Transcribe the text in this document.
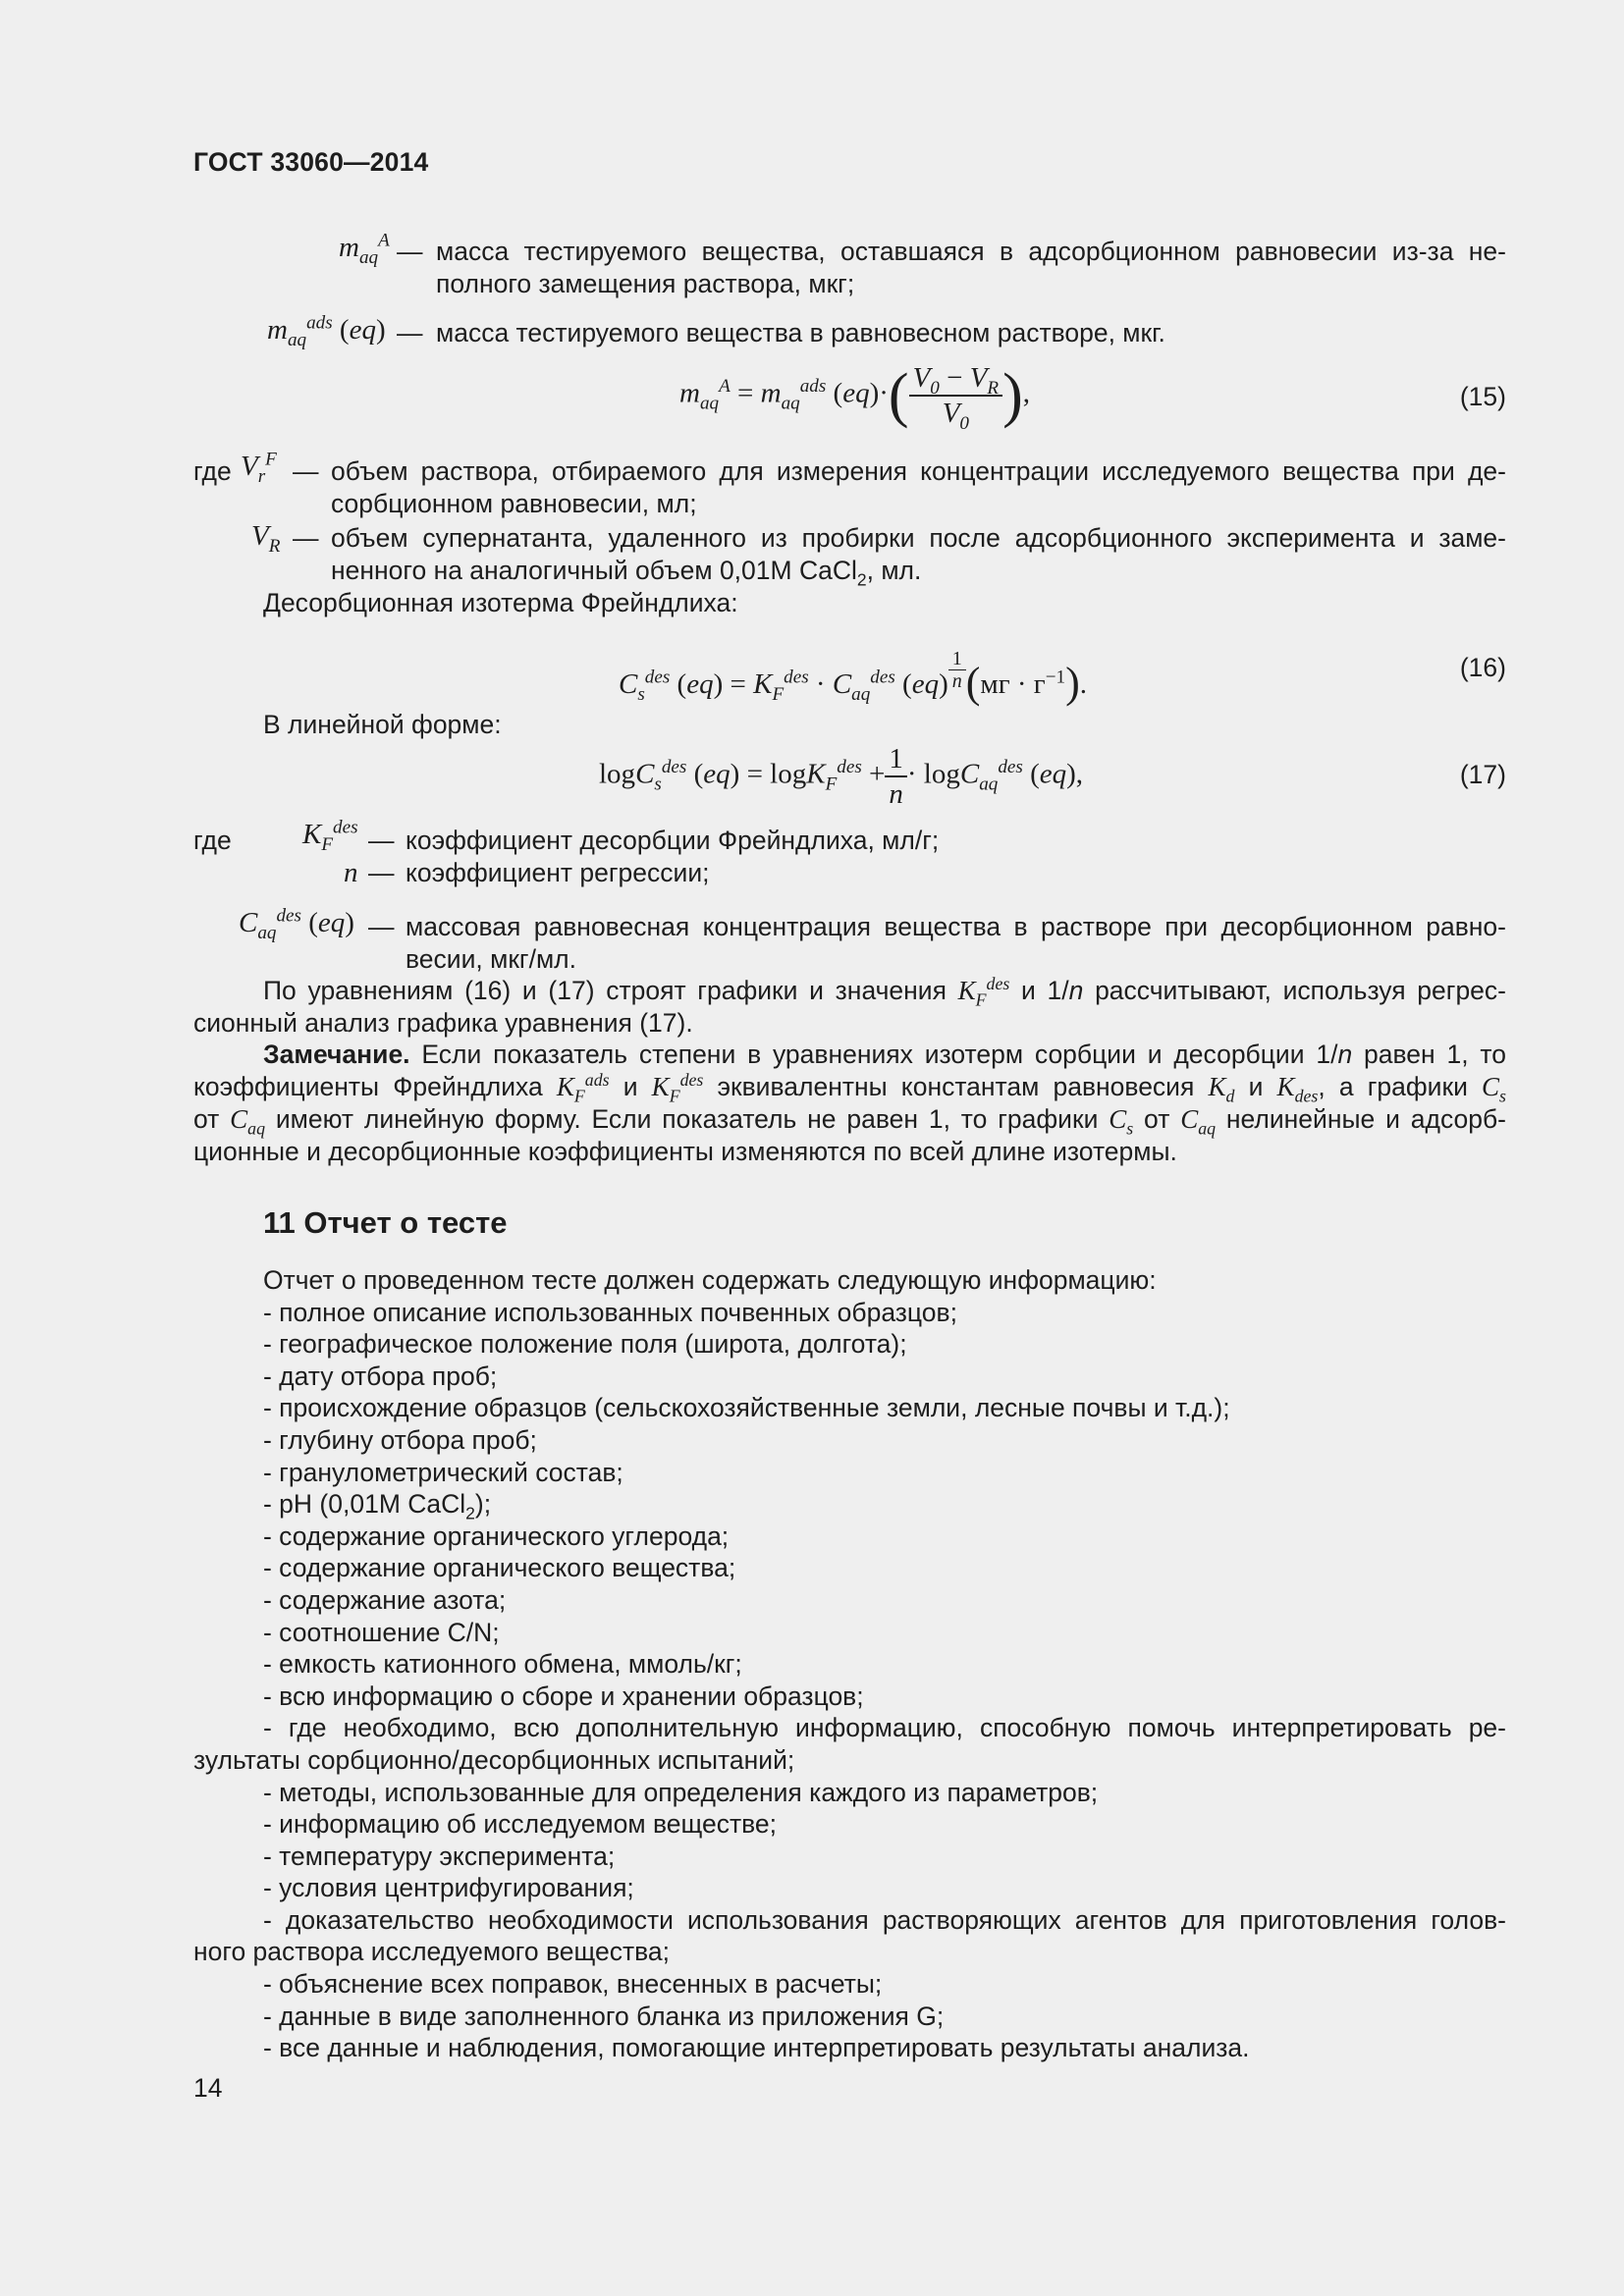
ГОСТ 33060—2014
$m_{aq}^A$ — масса тестируемого вещества, оставшаяся в адсорбционном равновесии из-за не-
полного замещения раствора, мкг;
$m_{aq}^{ads}$ (eq) — масса тестируемого вещества в равновесном растворе, мкг.
$m_{aq}^A = m_{aq}^{ads}$ $(eq)\cdot( \frac{V_0 - V_R}{V_0}$ ),	(15)
где $V_r^F$ — объем раствора, отбираемого для измерения концентрации исследуемого вещества при де-
сорбционном равновесии, мл;
$V_R$ — объем супернатанта, удаленного из пробирки после адсорбционного эксперимента и заме-
ненного на аналогичный объем 0,01М CaCl$_2$, мл.
Десорбционная изотерма Фрейндлиха:
$C_s^{des}$ $(eq) = K_F^{des} \cdot C_{aq}^{des}$ $(eq) \frac{1}{n} (мг \cdot г^{-1})$.
(16)
В линейной форме:
logC$_s^{des}$ $(eq) = \log K_F^{des} + \frac{1}{n} \cdot \log C_{aq}^{des}$ (eq),	(17)
где $K_F^{des}$ — коэффициент десорбции Фрейндлиха, мл/г;
n — коэффициент регрессии;
$C_{aq}^{des}$ (eq) — массовая равновесная концентрация вещества в растворе при десорбционном равно-
весии, мкг/мл.
По уравнениям (16) и (17) строят графики и значения $K_F^{des}$ и 1/n рассчитывают, используя регрес-
сионный анализ графика уравнения (17).
Замечание. Если показатель степени в уравнениях изотерм сорбции и десорбции 1/n равен 1, то
коэффициенты Фрейндлиха $K_F^{ads}$ и $K_F^{des}$ эквивалентны константам равновесия $K_d$ и $K_{des}$, а графики $C_s$
от $C_{aq}$ имеют линейную форму. Если показатель не равен 1, то графики $C_s$ от $C_{aq}$ нелинейные и адсорб-
ционные и десорбционные коэффициенты изменяются по всей длине изотермы.
11 Отчет о тесте
Отчет о проведенном тесте должен содержать следующую информацию:
- полное описание использованных почвенных образцов;
- географическое положение поля (широта, долгота);
- дату отбора проб;
- происхождение образцов (сельскохозяйственные земли, лесные почвы и т.д.);
- глубину отбора проб;
- гранулометрический состав;
- pH (0,01М CaCl$_2$);
- содержание органического углерода;
- содержание органического вещества;
- содержание азота;
- соотношение С/N;
- емкость катионного обмена, ммоль/кг;
- всю информацию о сборе и хранении образцов;
- где необходимо, всю дополнительную информацию, способную помочь интерпретировать ре-
зультаты сорбционно/десорбционных испытаний;
- методы, использованные для определения каждого из параметров;
- информацию об исследуемом веществе;
- температуру эксперимента;
- условия центрифугирования;
- доказательство необходимости использования растворяющих агентов для приготовления голов-
ного раствора исследуемого вещества;
- объяснение всех поправок, внесенных в расчеты;
- данные в виде заполненного бланка из приложения G;
- все данные и наблюдения, помогающие интерпретировать результаты анализа.
14
